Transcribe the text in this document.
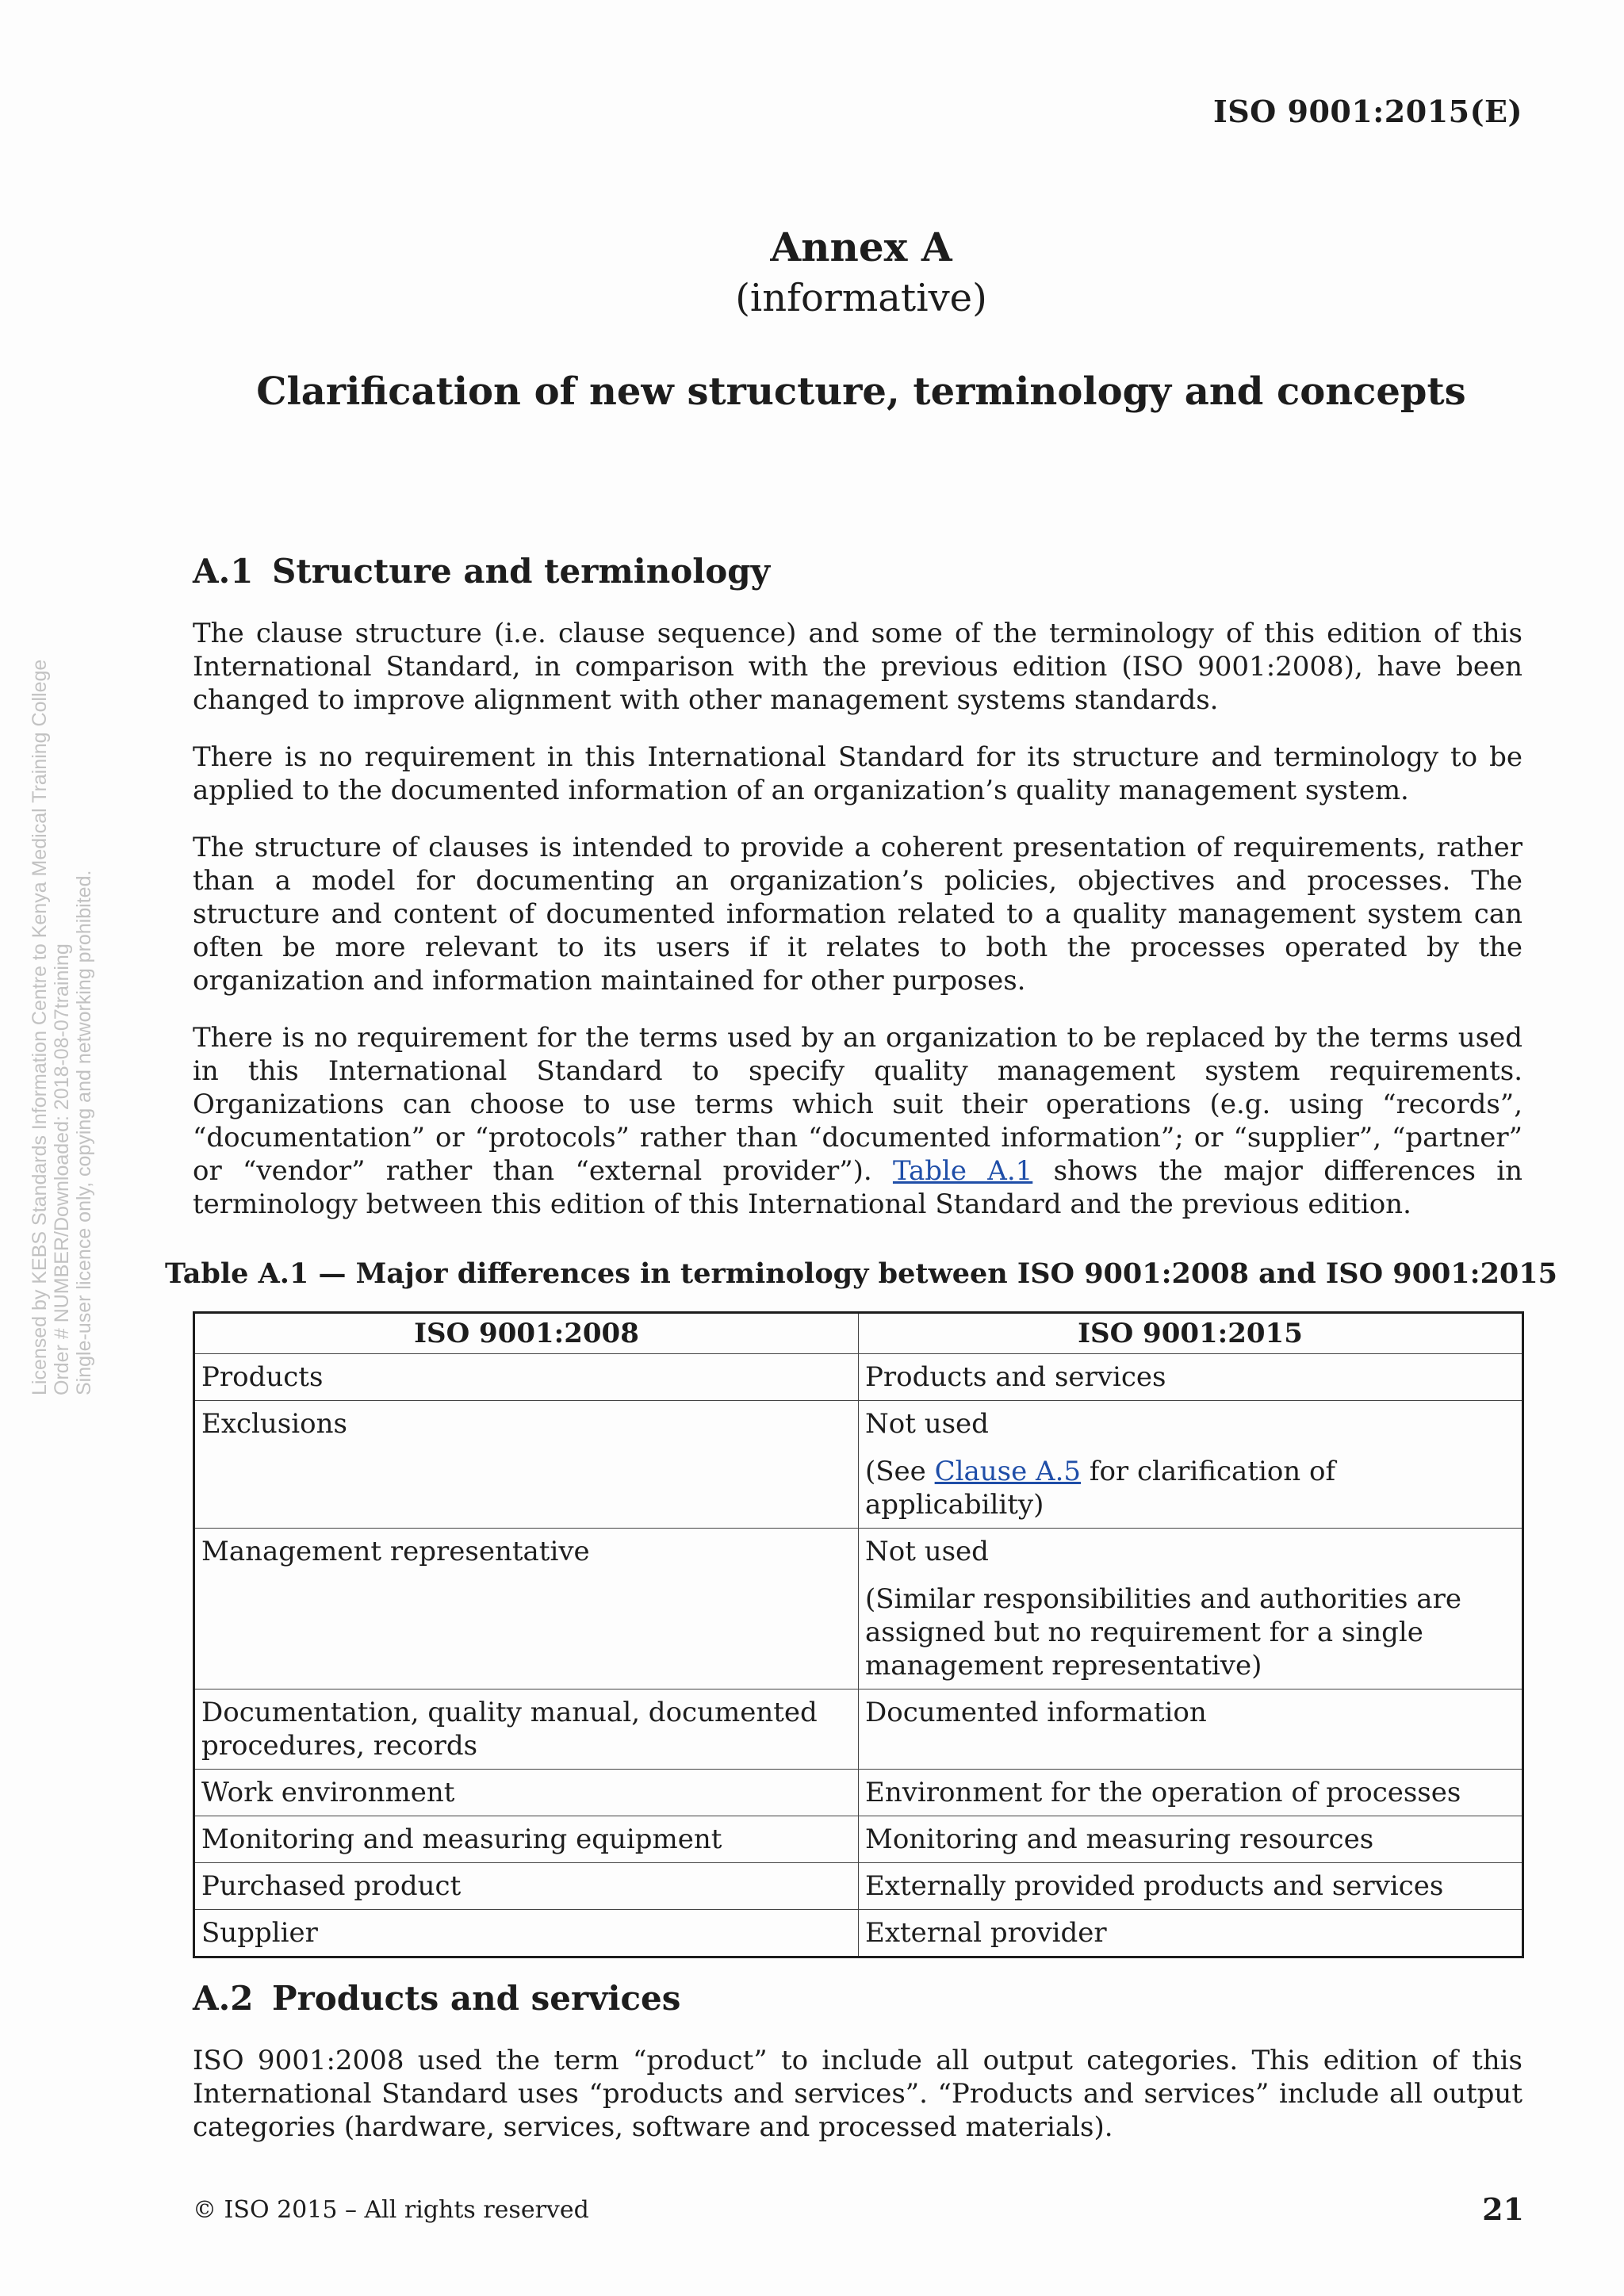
ISO 9001:2015(E)
Annex A
(informative)
Clarification of new structure, terminology and concepts
Licensed by KEBS Standards Information Centre to Kenya Medical Training College Order # NUMBER/Downloaded: 2018-08-07training Single-user licence only, copying and networking prohibited.
A.1 Structure and terminology

The clause structure (i.e. clause sequence) and some of the terminology of this edition of this International Standard, in comparison with the previous edition (ISO 9001:2008), have been changed to improve alignment with other management systems standards.

There is no requirement in this International Standard for its structure and terminology to be applied to the documented information of an organization’s quality management system.

The structure of clauses is intended to provide a coherent presentation of requirements, rather than a model for documenting an organization’s policies, objectives and processes. The structure and content of documented information related to a quality management system can often be more relevant to its users if it relates to both the processes operated by the organization and information maintained for other purposes.

There is no requirement for the terms used by an organization to be replaced by the terms used in this International Standard to specify quality management system requirements. Organizations can choose to use terms which suit their operations (e.g. using “records”, “documentation” or “protocols” rather than “documented information”; or “supplier”, “partner” or “vendor” rather than “external provider”). Table A.1 shows the major differences in terminology between this edition of this International Standard and the previous edition.

Table A.1 — Major differences in terminology between ISO 9001:2008 and ISO 9001:2015
ISO 9001:2008	ISO 9001:2015
Products	Products and services
Exclusions	Not used
(See Clause A.5 for clarification of applicability)

Management representative	Not used
(Similar responsibilities and authorities are assigned but no requirement for a single management representative)

Documentation, quality manual, documented procedures, records	Documented information
Work environment	Environment for the operation of processes
Monitoring and measuring equipment	Monitoring and measuring resources
Purchased product	Externally provided products and services
Supplier	External provider
A.2 Products and services

ISO 9001:2008 used the term “product” to include all output categories. This edition of this International Standard uses “products and services”. “Products and services” include all output categories (hardware, services, software and processed materials).

© ISO 2015 – All rights reserved	21
